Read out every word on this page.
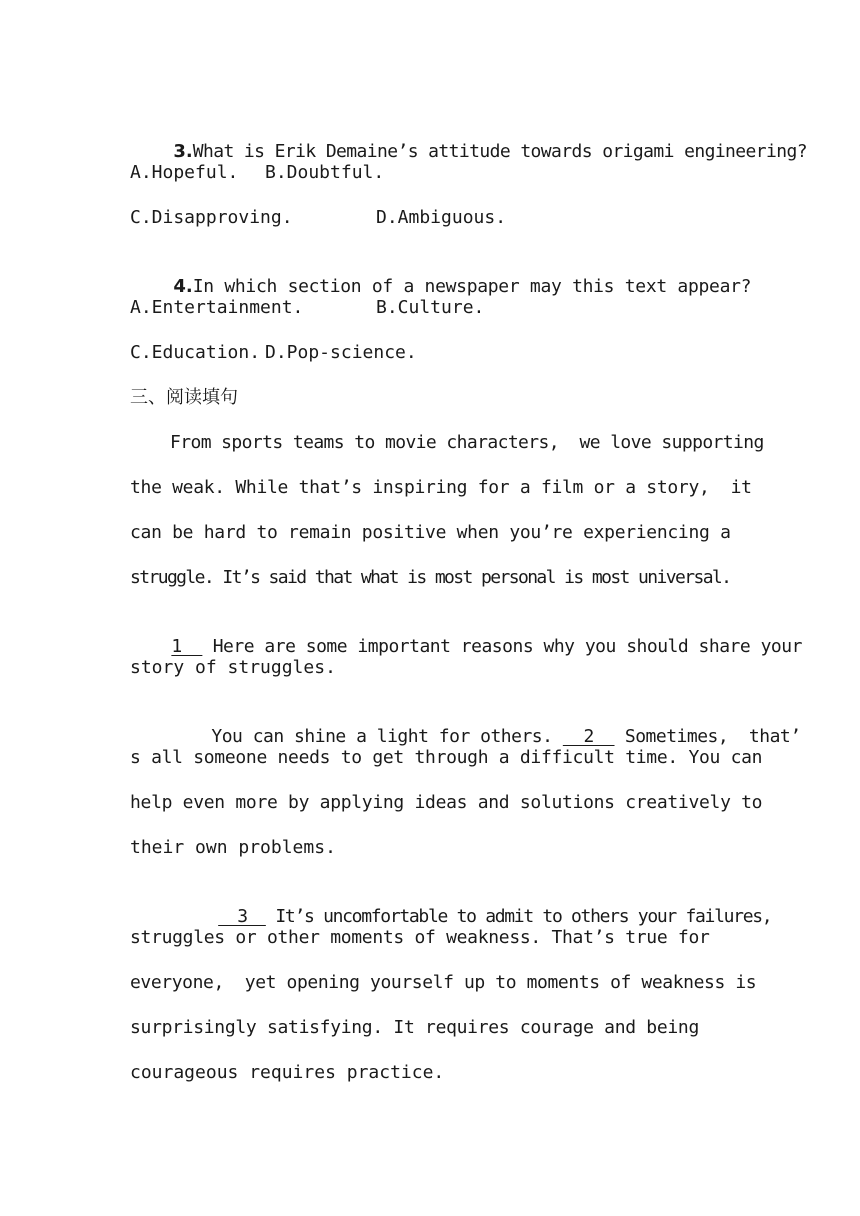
3.What is Erik Demaine’s attitude towards origami engineering?

A.Hopeful. B.Doubtful.
C.Disapproving.	D.Ambiguous.

4.In which section of a newspaper may this text appear?

A.Entertainment.	B.Culture.
C.Education. D.Pop-science.
三、阅读填句
From sports teams to movie characters,  we love supporting
the weak. While that’s inspiring for a film or a story,  it
can be hard to remain positive when you’re experiencing a
struggle. It’s said that what is most personal is most universal.

1   Here are some important reasons why you should share your

story of struggles.

You can shine a light for others.   2   Sometimes,  that’

s all someone needs to get through a difficult time. You can
help even more by applying ideas and solutions creatively to
their own problems.

3   It’s uncomfortable to admit to others your failures,

struggles or other moments of weakness. That’s true for
everyone,  yet opening yourself up to moments of weakness is
surprisingly satisfying. It requires courage and being
courageous requires practice.
